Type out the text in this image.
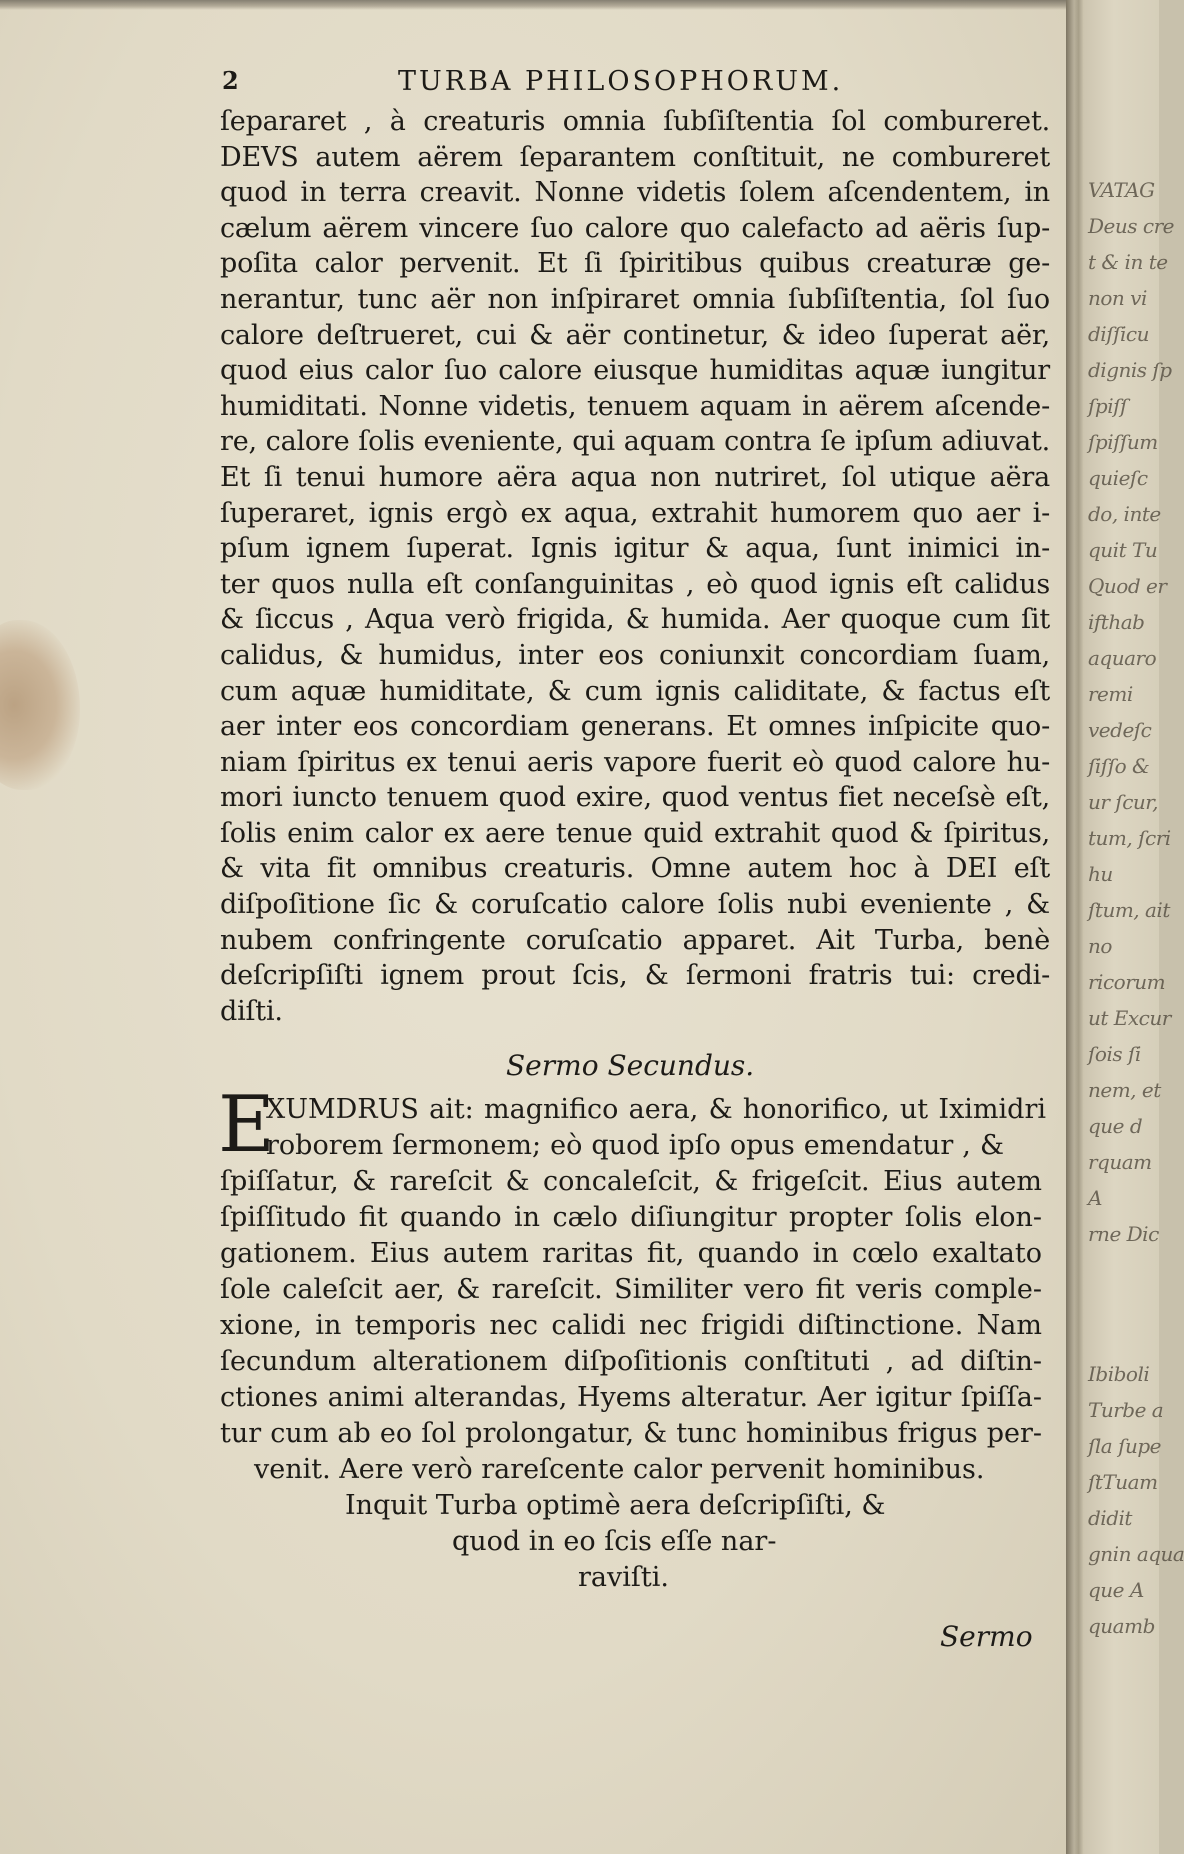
2	TURBA PHILOSOPHORUM.
ſepararet , à creaturis omnia ſubſiſtentia ſol combureret.
DEVS autem aërem ſeparantem conſtituit, ne combureret
quod in terra creavit. Nonne videtis ſolem aſcendentem, in
cælum aërem vincere ſuo calore quo calefacto ad aëris ſup-
poſita calor pervenit. Et ſi ſpiritibus quibus creaturæ ge-
nerantur, tunc aër non inſpiraret omnia ſubſiſtentia, ſol ſuo
calore deſtrueret, cui & aër continetur, & ideo ſuperat aër,
quod eius calor ſuo calore eiusque humiditas aquæ iungitur
humiditati. Nonne videtis, tenuem aquam in aërem aſcende-
re, calore ſolis eveniente, qui aquam contra ſe ipſum adiuvat.
Et ſi tenui humore aëra aqua non nutriret, ſol utique aëra
ſuperaret, ignis ergò ex aqua, extrahit humorem quo aer i-
pſum ignem ſuperat. Ignis igitur & aqua, ſunt inimici in-
ter quos nulla eſt conſanguinitas , eò quod ignis eſt calidus
& ſiccus , Aqua verò frigida, & humida. Aer quoque cum ſit
calidus, & humidus, inter eos coniunxit concordiam ſuam,
cum aquæ humiditate, & cum ignis caliditate, & factus eſt
aer inter eos concordiam generans. Et omnes inſpicite quo-
niam ſpiritus ex tenui aeris vapore fuerit eò quod calore hu-
mori iuncto tenuem quod exire, quod ventus fiet neceſsè eſt,
ſolis enim calor ex aere tenue quid extrahit quod & ſpiritus,
& vita fit omnibus creaturis. Omne autem hoc à DEI eſt
diſpoſitione ſic & coruſcatio calore ſolis nubi eveniente , &
nubem confringente coruſcatio apparet. Ait Turba, benè
deſcripſiſti ignem prout ſcis, & ſermoni fratris tui: credi-
diſti.
Sermo Secundus.
E
XUMDRUS ait: magnifico aera, & honorifico, ut Iximidri
roborem ſermonem; eò quod ipſo opus emendatur , &
ſpiſſatur, & rareſcit & concaleſcit, & frigeſcit. Eius autem
ſpiſſitudo fit quando in cælo diſiungitur propter ſolis elon-
gationem. Eius autem raritas fit, quando in cœlo exaltato
ſole caleſcit aer, & rareſcit. Similiter vero fit veris comple-
xione, in temporis nec calidi nec frigidi diſtinctione. Nam
ſecundum alterationem diſpoſitionis conſtituti , ad diſtin-
ctiones animi alterandas, Hyems alteratur. Aer igitur ſpiſſa-
tur cum ab eo ſol prolongatur, & tunc hominibus frigus per-
venit. Aere verò rareſcente calor pervenit hominibus.
Inquit Turba optimè aera deſcripſiſti, &
quod in eo ſcis eſſe nar-
raviſti.
Sermo
VATAG
Deus cre
t & in te
non vi
diſſicu
dignis ſp
ſpiſſ
ſpiſſum
quieſc
do, inte
quit Tu
Quod er
ifthab
aquaro
remi
vedeſc
ſiſſo &
ur ſcur,
tum, ſcri
hu
ſtum, ait
no
ricorum
ut Excur
ſois ſi
nem, et
que d
rquam
A
rne Dic
Ibiboli
Turbe a
ſla ſupe
ſtTuam
didit
gnin aqua
que A
quamb
